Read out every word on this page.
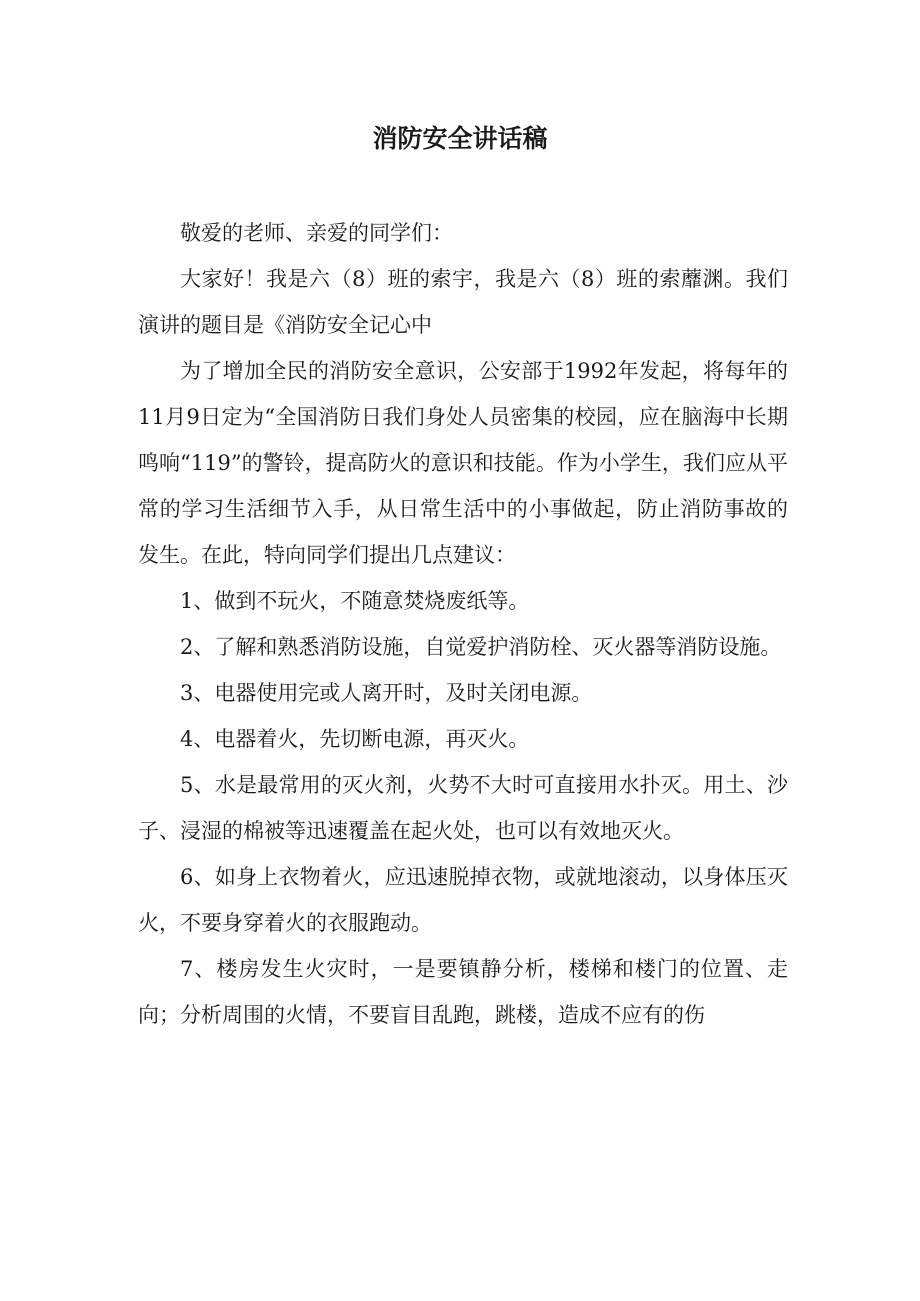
消防安全讲话稿

敬爱的老师、亲爱的同学们：

大家好！我是六（8）班的索宇，我是六（8）班的索蘼渊。我们演讲的题目是《消防安全记心中

为了增加全民的消防安全意识，公安部于1992年发起，将每年的11月9日定为“全国消防日我们身处人员密集的校园，应在脑海中长期鸣响“119”的警铃，提高防火的意识和技能。作为小学生，我们应从平常的学习生活细节入手，从日常生活中的小事做起，防止消防事故的发生。在此，特向同学们提出几点建议：

1、做到不玩火，不随意焚烧废纸等。

2、了解和熟悉消防设施，自觉爱护消防栓、灭火器等消防设施。

3、电器使用完或人离开时，及时关闭电源。

4、电器着火，先切断电源，再灭火。

5、水是最常用的灭火剂，火势不大时可直接用水扑灭。用土、沙子、浸湿的棉被等迅速覆盖在起火处，也可以有效地灭火。

6、如身上衣物着火，应迅速脱掉衣物，或就地滚动，以身体压灭火，不要身穿着火的衣服跑动。

7、楼房发生火灾时，一是要镇静分析，楼梯和楼门的位置、走向；分析周围的火情，不要盲目乱跑，跳楼，造成不应有的伤
